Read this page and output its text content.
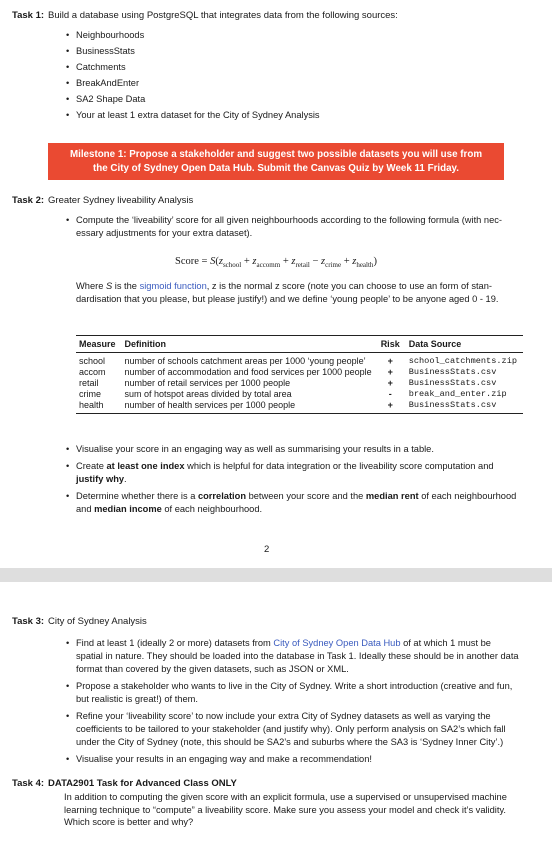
Task 1: Build a database using PostgreSQL that integrates data from the following sources:
• Neighbourhoods
• BusinessStats
• Catchments
• BreakAndEnter
• SA2 Shape Data
• Your at least 1 extra dataset for the City of Sydney Analysis
Milestone 1: Propose a stakeholder and suggest two possible datasets you will use from
the City of Sydney Open Data Hub. Submit the Canvas Quiz by Week 11 Friday.
Task 2: Greater Sydney liveability Analysis
• Compute the ‘liveability’ score for all given neighbourhoods according to the following formula (with nec- essary adjustments for your extra dataset).
Score = $S(z_{school} + z_{accomm} + z_{retail} - z_{crime} + z_{health})$
Where S is the sigmoid function, z is the normal z score (note you can choose to use an form of stan- dardisation that you please, but please justify!) and we define ‘young people’ to be anyone aged 0 - 19.
Measure	Definition	Risk	Data Source
school	number of schools catchment areas per 1000 ‘young people’	+	school_catchments.zip
accom	number of accommodation and food services per 1000 people	+	BusinessStats.csv
retail	number of retail services per 1000 people	+	BusinessStats.csv
crime	sum of hotspot areas divided by total area	-	break_and_enter.zip
health	number of health services per 1000 people	+	BusinessStats.csv
• Visualise your score in an engaging way as well as summarising your results in a table.
• Create at least one index which is helpful for data integration or the liveability score computation and justify why.
• Determine whether there is a correlation between your score and the median rent of each neighbourhood and median income of each neighbourhood.
2
Task 3: City of Sydney Analysis
• Find at least 1 (ideally 2 or more) datasets from City of Sydney Open Data Hub of at which 1 must be spatial in nature. They should be loaded into the database in Task 1. Ideally these should be in another data format than covered by the given datasets, such as JSON or XML.
• Propose a stakeholder who wants to live in the City of Sydney. Write a short introduction (creative and fun, but realistic is great!) of them.
• Refine your ‘liveability score’ to now include your extra City of Sydney datasets as well as varying the coefficients to be tailored to your stakeholder (and justify why). Only perform analysis on SA2’s which fall under the City of Sydney (note, this should be SA2’s and suburbs where the SA3 is ‘Sydney Inner City’.)
• Visualise your results in an engaging way and make a recommendation!
Task 4: DATA2901 Task for Advanced Class ONLY
In addition to computing the given score with an explicit formula, use a supervised or unsupervised machine learning technique to “compute” a liveability score. Make sure you assess your model and check it’s validity. Which score is better and why?
